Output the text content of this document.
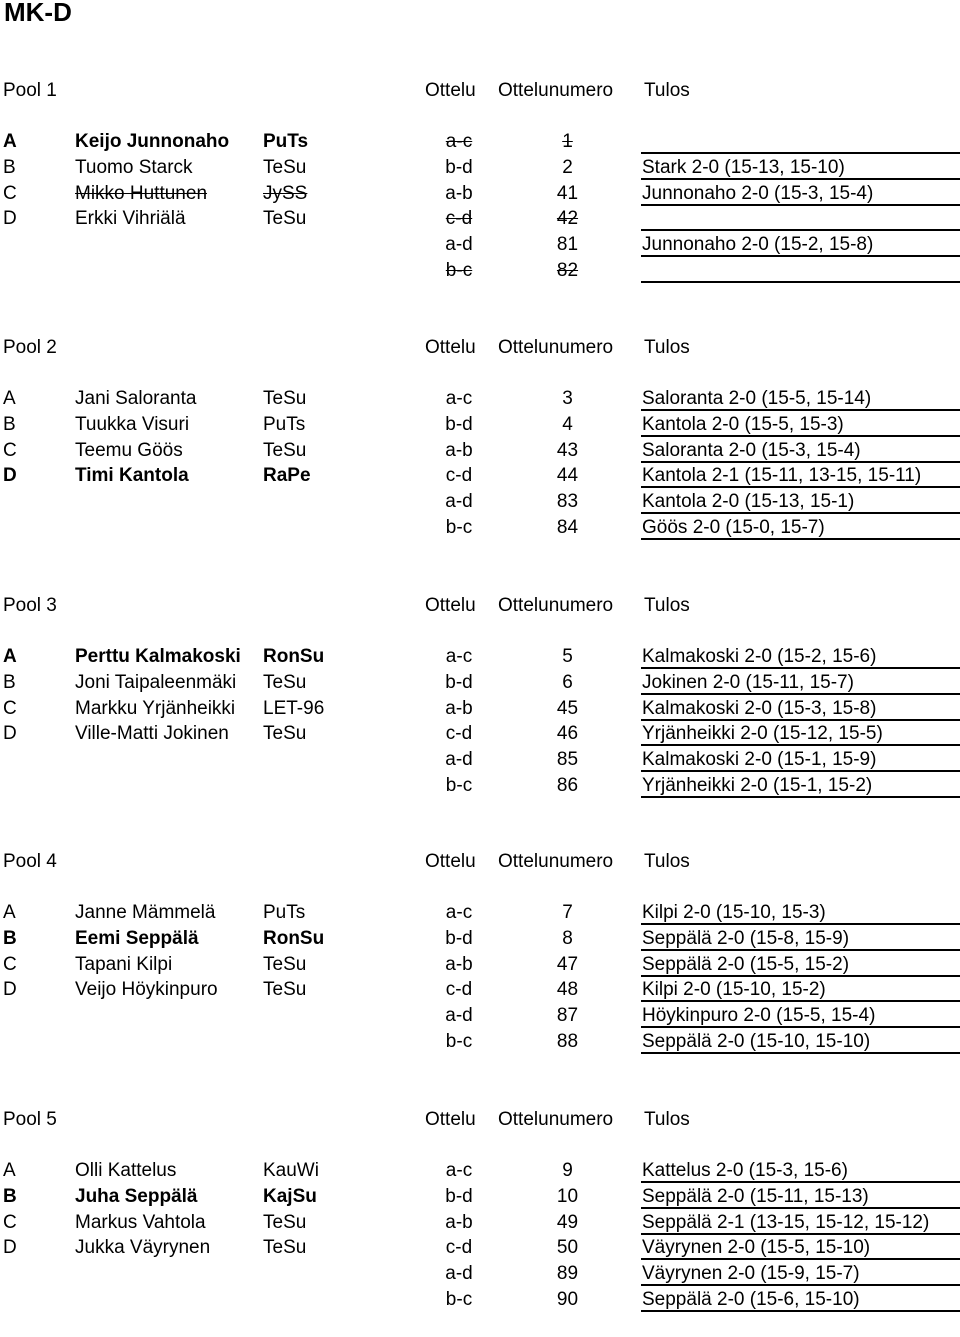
MK-D
Pool 1	Ottelu Ottelunumero Tulos
A	Keijo Junnonaho PuTs
B	Tuomo Starck	TeSu
C	Mikko Huttunen	JySS
D	Erkki Vihriälä	TeSu
a-c	1
b-d	2	Stark 2-0 (15-13, 15-10)
a-b	41	Junnonaho 2-0 (15-3, 15-4)
c-d	42
a-d	81	Junnonaho 2-0 (15-2, 15-8)
b-c	82
Pool 2	Ottelu Ottelunumero Tulos
A	Jani Saloranta	TeSu
B	Tuukka Visuri	PuTs
C	Teemu Göös	TeSu
D	Timi Kantola	RaPe
a-c	3	Saloranta 2-0 (15-5, 15-14)
b-d	4	Kantola 2-0 (15-5, 15-3)
a-b	43	Saloranta 2-0 (15-3, 15-4)
c-d	44	Kantola 2-1 (15-11, 13-15, 15-11)
a-d	83	Kantola 2-0 (15-13, 15-1)
b-c	84	Göös 2-0 (15-0, 15-7)
Pool 3	Ottelu Ottelunumero Tulos
A	Perttu Kalmakoski RonSu
B	Joni Taipaleenmäki TeSu
C	Markku Yrjänheikki LET-96
D	Ville-Matti Jokinen TeSu
a-c	5	Kalmakoski 2-0 (15-2, 15-6)
b-d	6	Jokinen 2-0 (15-11, 15-7)
a-b	45	Kalmakoski 2-0 (15-3, 15-8)
c-d	46	Yrjänheikki 2-0 (15-12, 15-5)
a-d	85	Kalmakoski 2-0 (15-1, 15-9)
b-c	86	Yrjänheikki 2-0 (15-1, 15-2)
Pool 4	Ottelu Ottelunumero Tulos
A	Janne Mämmelä	PuTs
B	Eemi Seppälä	RonSu
C	Tapani Kilpi	TeSu
D	Veijo Höykinpuro TeSu
a-c	7	Kilpi 2-0 (15-10, 15-3)
b-d	8	Seppälä 2-0 (15-8, 15-9)
a-b	47	Seppälä 2-0 (15-5, 15-2)
c-d	48	Kilpi 2-0 (15-10, 15-2)
a-d	87	Höykinpuro 2-0 (15-5, 15-4)
b-c	88	Seppälä 2-0 (15-10, 15-10)
Pool 5	Ottelu Ottelunumero Tulos
A	Olli Kattelus	KauWi
B	Juha Seppälä	KajSu
C	Markus Vahtola	TeSu
D	Jukka Väyrynen	TeSu
a-c	9	Kattelus 2-0 (15-3, 15-6)
b-d	10	Seppälä 2-0 (15-11, 15-13)
a-b	49	Seppälä 2-1 (13-15, 15-12, 15-12)
c-d	50	Väyrynen 2-0 (15-5, 15-10)
a-d	89	Väyrynen 2-0 (15-9, 15-7)
b-c	90	Seppälä 2-0 (15-6, 15-10)
